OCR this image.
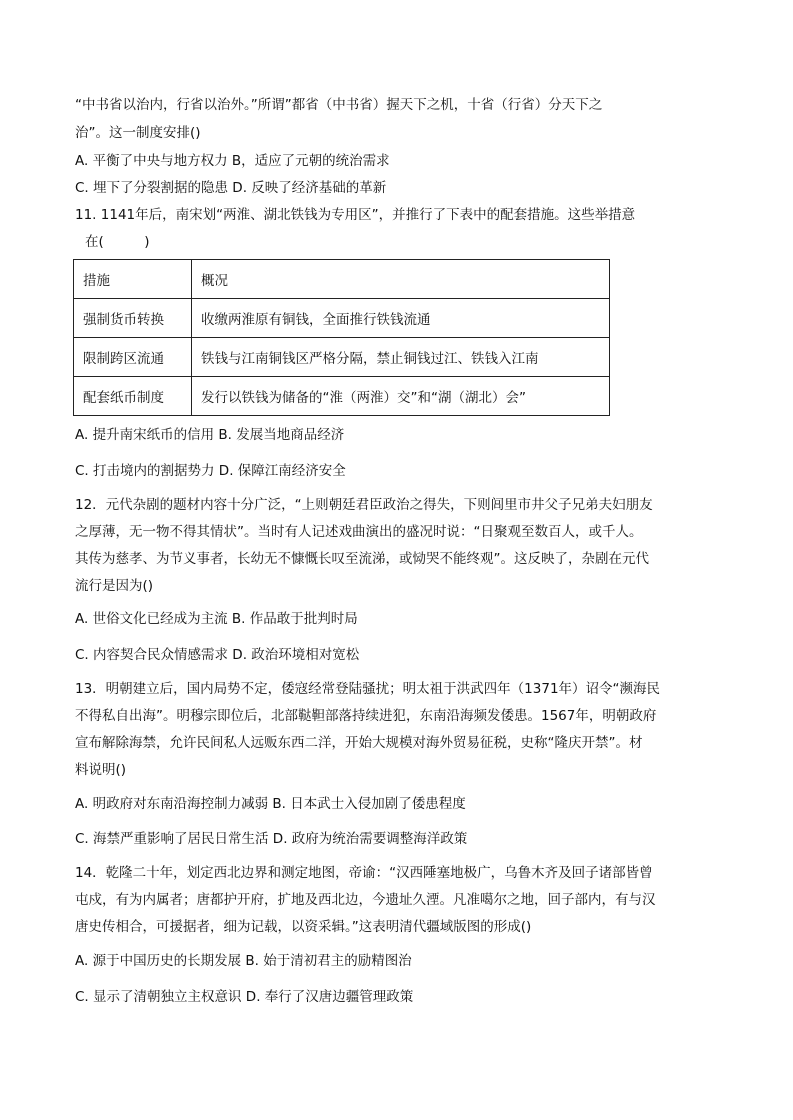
“中书省以治内，行省以治外。”所谓”都省（中书省）握天下之机，十省（行省）分天下之
治”。这一制度安排()
A. 平衡了中央与地方权力 B，适应了元朝的统治需求
C. 埋下了分裂割据的隐患 D. 反映了经济基础的革新
11. 1141年后，南宋划“两淮、湖北铁钱为专用区”，并推行了下表中的配套措施。这些举措意
在(　　　)
措施	概况
强制货币转换	收缴两淮原有铜钱，全面推行铁钱流通
限制跨区流通	铁钱与江南铜钱区严格分隔，禁止铜钱过江、铁钱入江南
配套纸币制度	发行以铁钱为储备的“淮（两淮）交”和“湖（湖北）会”
A. 提升南宋纸币的信用 B. 发展当地商品经济
C. 打击境内的割据势力 D. 保障江南经济安全
12．元代杂剧的题材内容十分广泛，“上则朝廷君臣政治之得失，下则闾里市井父子兄弟夫妇朋友
之厚薄，无一物不得其情状”。当时有人记述戏曲演出的盛况时说：“日聚观至数百人，或千人。
其传为慈孝、为节义事者，长幼无不慷慨长叹至流涕，或恸哭不能终观”。这反映了，杂剧在元代
流行是因为()
A. 世俗文化已经成为主流 B. 作品敢于批判时局
C. 内容契合民众情感需求 D. 政治环境相对宽松
13．明朝建立后，国内局势不定，倭寇经常登陆骚扰；明太祖于洪武四年（1371年）诏令“濒海民
不得私自出海”。明穆宗即位后，北部鞑靼部落持续进犯，东南沿海频发倭患。1567年，明朝政府
宣布解除海禁，允许民间私人远贩东西二洋，开始大规模对海外贸易征税，史称“隆庆开禁”。材
料说明()
A. 明政府对东南沿海控制力减弱 B. 日本武士入侵加剧了倭患程度
C. 海禁严重影响了居民日常生活 D. 政府为统治需要调整海洋政策
14．乾隆二十年，划定西北边界和测定地图，帝谕：“汉西陲塞地极广，乌鲁木齐及回子诸部皆曾
屯戍，有为内属者；唐都护开府，扩地及西北边，今遗址久湮。凡准噶尔之地，回子部内，有与汉
唐史传相合，可援据者，细为记载，以资采辑。”这表明清代疆域版图的形成()
A. 源于中国历史的长期发展 B. 始于清初君主的励精图治
C. 显示了清朝独立主权意识 D. 奉行了汉唐边疆管理政策
